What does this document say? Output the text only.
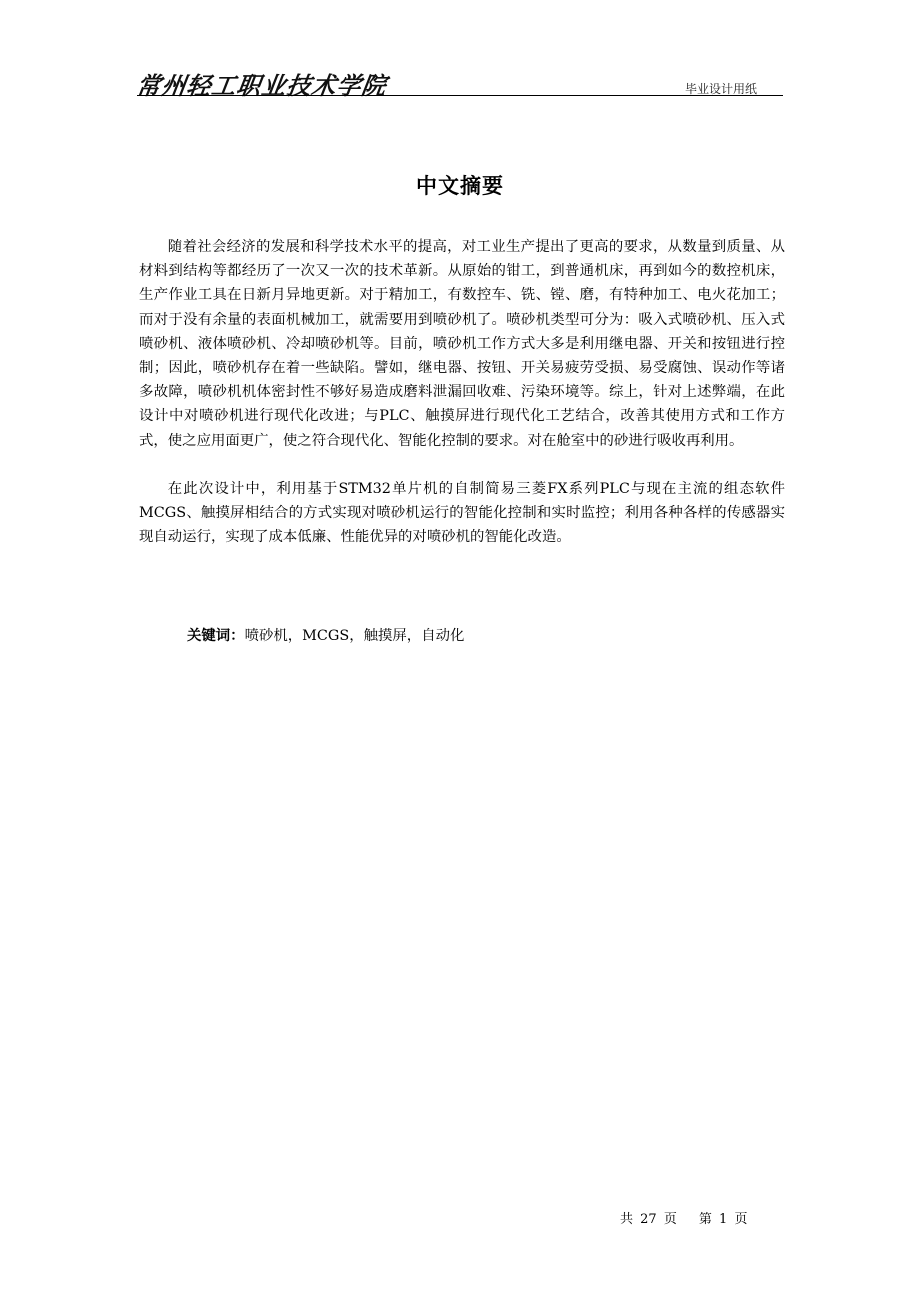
常州轻工职业技术学院	毕业设计用纸
中文摘要

随着社会经济的发展和科学技术水平的提高，对工业生产提出了更高的要求，从数量到质量、从材料到结构等都经历了一次又一次的技术革新。从原始的钳工，到普通机床，再到如今的数控机床，生产作业工具在日新月异地更新。对于精加工，有数控车、铣、镗、磨，有特种加工、电火花加工；而对于没有余量的表面机械加工，就需要用到喷砂机了。喷砂机类型可分为：吸入式喷砂机、压入式喷砂机、液体喷砂机、冷却喷砂机等。目前，喷砂机工作方式大多是利用继电器、开关和按钮进行控制；因此，喷砂机存在着一些缺陷。譬如，继电器、按钮、开关易疲劳受损、易受腐蚀、误动作等诸多故障，喷砂机机体密封性不够好易造成磨料泄漏回收难、污染环境等。综上，针对上述弊端，在此设计中对喷砂机进行现代化改进；与PLC、触摸屏进行现代化工艺结合，改善其使用方式和工作方式，使之应用面更广，使之符合现代化、智能化控制的要求。对在舱室中的砂进行吸收再利用。

在此次设计中，利用基于STM32单片机的自制简易三菱FX系列PLC与现在主流的组态软件MCGS、触摸屏相结合的方式实现对喷砂机运行的智能化控制和实时监控；利用各种各样的传感器实现自动运行，实现了成本低廉、性能优异的对喷砂机的智能化改造。

关键词：喷砂机，MCGS，触摸屏，自动化
共 27 页 第 1 页
